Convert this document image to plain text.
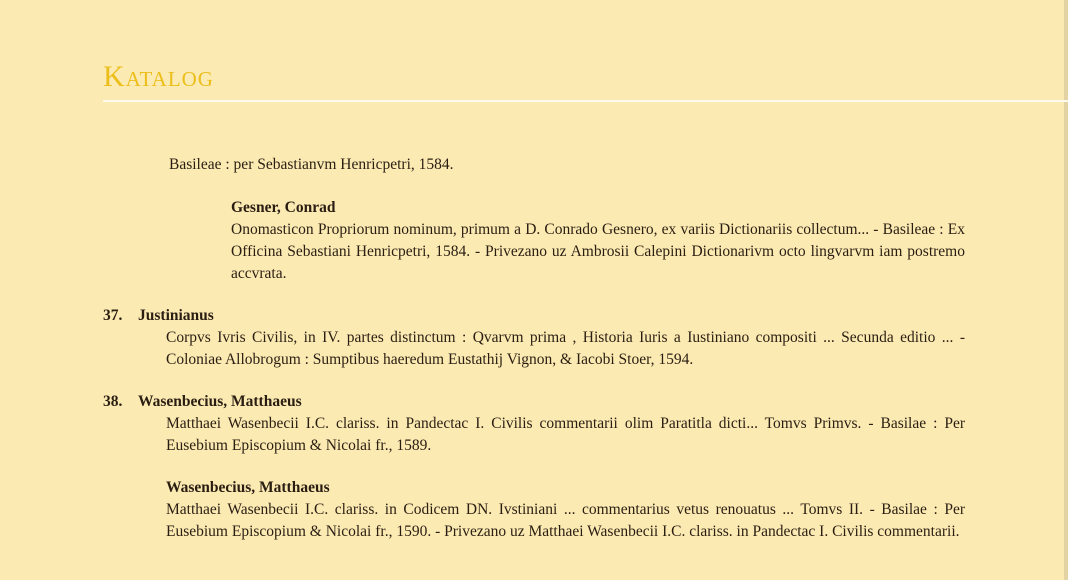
Katalog
Basileae : per Sebastianvm Henricpetri, 1584.
Gesner, Conrad
Onomasticon Propriorum nominum, primum a D. Conrado Gesnero, ex variis Dictionariis collectum... - Basileae : Ex Officina Sebastiani Henricpetri, 1584. - Privezano uz Ambrosii Calepini Dictionarivm octo lingvarvm iam postremo accvrata.
37. Justinianus
Corpvs Ivris Civilis, in IV. partes distinctum : Qvarvm prima , Historia Iuris a Iustiniano compositi ... Secunda editio ... - Coloniae Allobrogum : Sumptibus haeredum Eustathij Vignon, & Iacobi Stoer, 1594.
38. Wasenbecius, Matthaeus
Matthaei Wasenbecii I.C. clariss. in Pandectac I. Civilis commentarii olim Paratitla dicti... Tomvs Primvs. - Basilae : Per Eusebium Episcopium & Nicolai fr., 1589.
Wasenbecius, Matthaeus
Matthaei Wasenbecii I.C. clariss. in Codicem DN. Ivstiniani ... commentarius vetus renouatus ... Tomvs II. - Basilae : Per Eusebium Episcopium & Nicolai fr., 1590. - Privezano uz Matthaei Wasenbecii I.C. clariss. in Pandectac I. Civilis commentarii.
